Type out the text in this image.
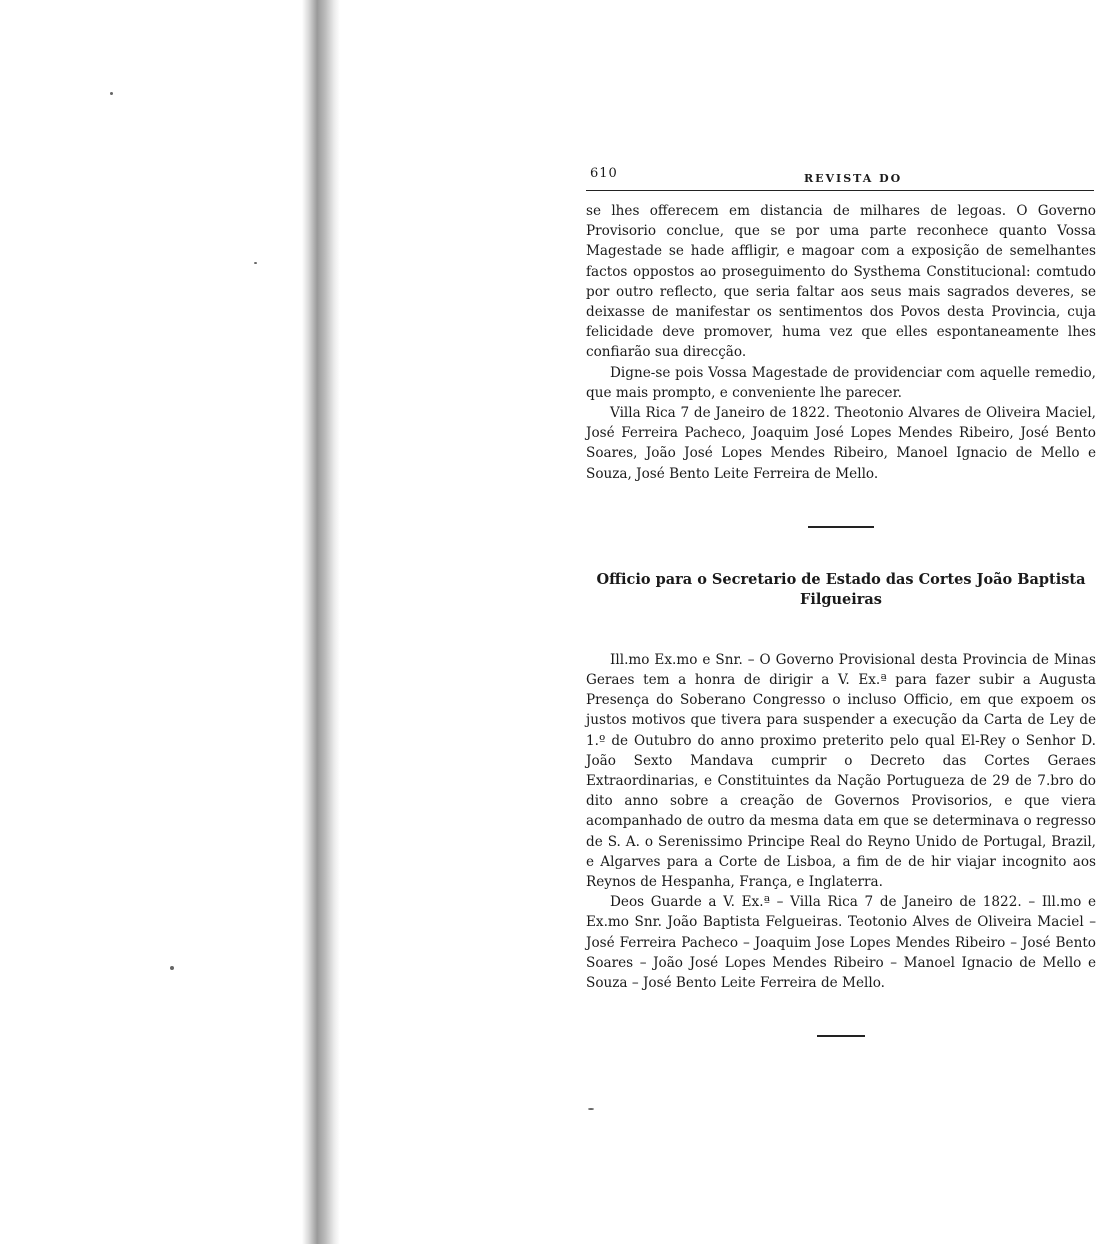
610	REVISTA DO

se lhes offerecem em distancia de milhares de legoas. O Governo Provisorio conclue, que se por uma parte reconhece quanto Vossa Magestade se hade affligir, e magoar com a exposição de semelhantes factos oppostos ao proseguimento do Systhema Constitucional: comtudo por outro reflecto, que seria faltar aos seus mais sagrados deveres, se deixasse de manifestar os sentimentos dos Povos desta Provincia, cuja felicidade deve promover, huma vez que elles espontaneamente lhes confiarão sua direcção.

Digne-se pois Vossa Magestade de providenciar com aquelle remedio, que mais prompto, e conveniente lhe parecer.

Villa Rica 7 de Janeiro de 1822. Theotonio Alvares de Oliveira Maciel, José Ferreira Pacheco, Joaquim José Lopes Mendes Ribeiro, José Bento Soares, João José Lopes Mendes Ribeiro, Manoel Ignacio de Mello e Souza, José Bento Leite Ferreira de Mello.

Officio para o Secretario de Estado das Cortes João Baptista Filgueiras

Ill.mo Ex.mo e Snr. – O Governo Provisional desta Provincia de Minas Geraes tem a honra de dirigir a V. Ex.ª para fazer subir a Augusta Presença do Soberano Congresso o incluso Officio, em que expoem os justos motivos que tivera para suspender a execução da Carta de Ley de 1.º de Outubro do anno proximo preterito pelo qual El-Rey o Senhor D. João Sexto Mandava cumprir o Decreto das Cortes Geraes Extraordinarias, e Constituintes da Nação Portugueza de 29 de 7.bro do dito anno sobre a creação de Governos Provisorios, e que viera acompanhado de outro da mesma data em que se determinava o regresso de S. A. o Serenissimo Principe Real do Reyno Unido de Portugal, Brazil, e Algarves para a Corte de Lisboa, a fim de de hir viajar incognito aos Reynos de Hespanha, França, e Inglaterra.

Deos Guarde a V. Ex.ª – Villa Rica 7 de Janeiro de 1822. – Ill.mo e Ex.mo Snr. João Baptista Felgueiras. Teotonio Alves de Oliveira Maciel – José Ferreira Pacheco – Joaquim Jose Lopes Mendes Ribeiro – José Bento Soares – João José Lopes Mendes Ribeiro – Manoel Ignacio de Mello e Souza – José Bento Leite Ferreira de Mello.
